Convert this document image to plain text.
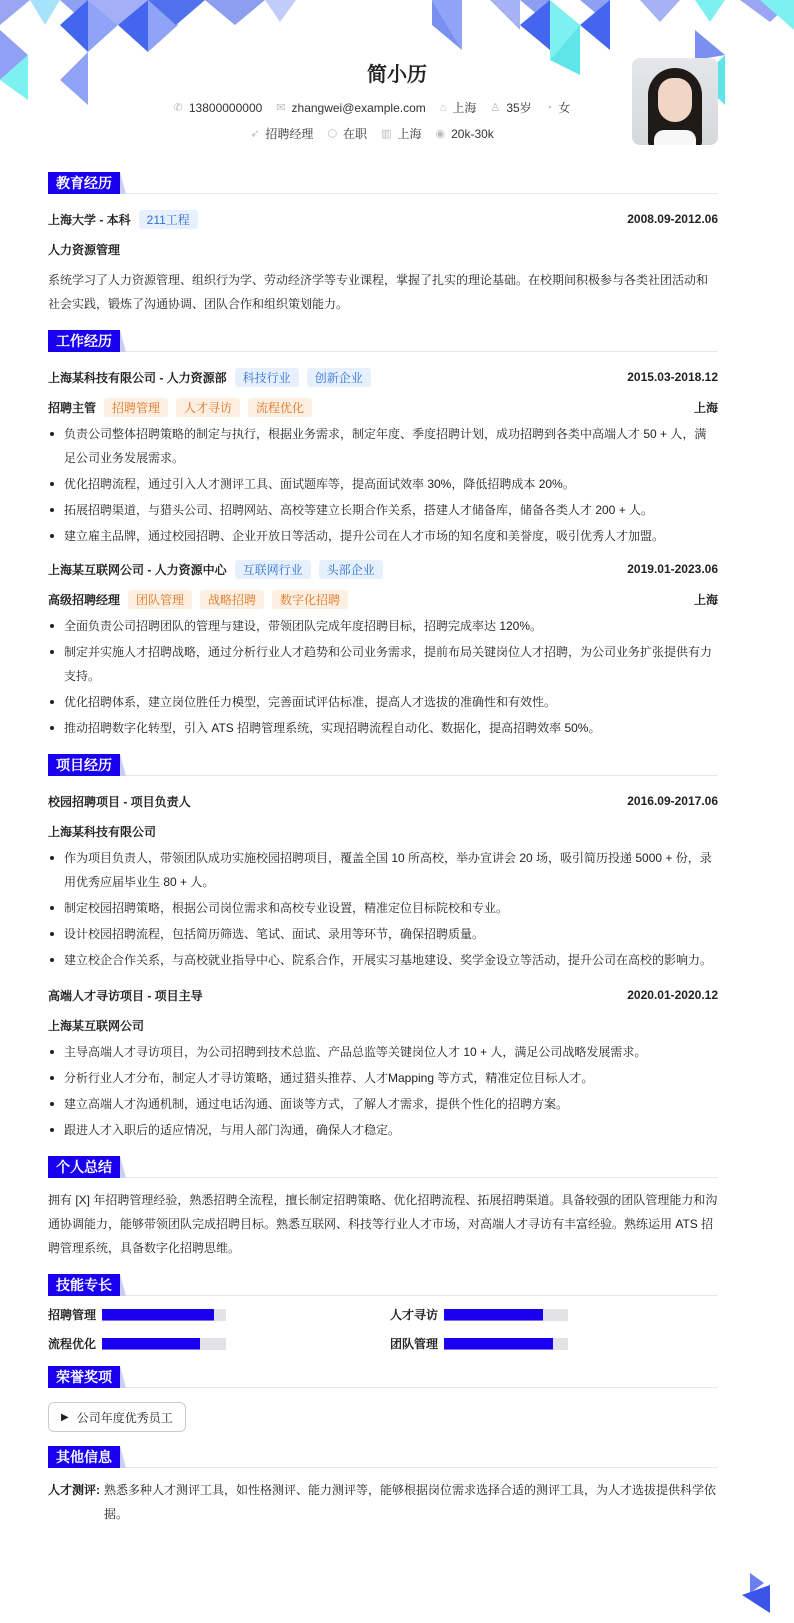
简小历
✆ 13800000000 ✉ zhangwei@example.com ⌂ 上海 ♙ 35岁 ◔ 女
➶ 招聘经理 ⬡ 在职 ▥ 上海 ◉ 20k-30k
教育经历
上海大学 - 本科	211工程	2008.09-2012.06
人力资源管理
系统学习了人力资源管理、组织行为学、劳动经济学等专业课程，掌握了扎实的理论基础。在校期间积极参与各类社团活动和社会实践，锻炼了沟通协调、团队合作和组织策划能力。
工作经历
上海某科技有限公司 - 人力资源部	科技行业	创新企业	2015.03-2018.12
招聘主管	招聘管理	人才寻访	流程优化	上海
负责公司整体招聘策略的制定与执行，根据业务需求，制定年度、季度招聘计划，成功招聘到各类中高端人才 50 + 人，满足公司业务发展需求。
优化招聘流程，通过引入人才测评工具、面试题库等，提高面试效率 30%，降低招聘成本 20%。
拓展招聘渠道，与猎头公司、招聘网站、高校等建立长期合作关系，搭建人才储备库，储备各类人才 200 + 人。
建立雇主品牌，通过校园招聘、企业开放日等活动，提升公司在人才市场的知名度和美誉度，吸引优秀人才加盟。
上海某互联网公司 - 人力资源中心	互联网行业	头部企业	2019.01-2023.06
高级招聘经理	团队管理	战略招聘	数字化招聘	上海
全面负责公司招聘团队的管理与建设，带领团队完成年度招聘目标，招聘完成率达 120%。
制定并实施人才招聘战略，通过分析行业人才趋势和公司业务需求，提前布局关键岗位人才招聘，为公司业务扩张提供有力支持。
优化招聘体系，建立岗位胜任力模型，完善面试评估标准，提高人才选拔的准确性和有效性。
推动招聘数字化转型，引入 ATS 招聘管理系统，实现招聘流程自动化、数据化，提高招聘效率 50%。
项目经历
校园招聘项目 - 项目负责人	2016.09-2017.06
上海某科技有限公司
作为项目负责人，带领团队成功实施校园招聘项目，覆盖全国 10 所高校，举办宣讲会 20 场，吸引简历投递 5000 + 份，录用优秀应届毕业生 80 + 人。
制定校园招聘策略，根据公司岗位需求和高校专业设置，精准定位目标院校和专业。
设计校园招聘流程，包括简历筛选、笔试、面试、录用等环节，确保招聘质量。
建立校企合作关系，与高校就业指导中心、院系合作，开展实习基地建设、奖学金设立等活动，提升公司在高校的影响力。
高端人才寻访项目 - 项目主导	2020.01-2020.12
上海某互联网公司
主导高端人才寻访项目，为公司招聘到技术总监、产品总监等关键岗位人才 10 + 人，满足公司战略发展需求。
分析行业人才分布，制定人才寻访策略，通过猎头推荐、人才Mapping 等方式，精准定位目标人才。
建立高端人才沟通机制，通过电话沟通、面谈等方式，了解人才需求，提供个性化的招聘方案。
跟进人才入职后的适应情况，与用人部门沟通，确保人才稳定。
个人总结
拥有 [X] 年招聘管理经验，熟悉招聘全流程，擅长制定招聘策略、优化招聘流程、拓展招聘渠道。具备较强的团队管理能力和沟通协调能力，能够带领团队完成招聘目标。熟悉互联网、科技等行业人才市场，对高端人才寻访有丰富经验。熟练运用 ATS 招聘管理系统，具备数字化招聘思维。
技能专长
招聘管理	人才寻访
流程优化	团队管理
荣誉奖项
▶ 公司年度优秀员工
其他信息
人才测评: 熟悉多种人才测评工具，如性格测评、能力测评等，能够根据岗位需求选择合适的测评工具，为人才选拔提供科学依据。
